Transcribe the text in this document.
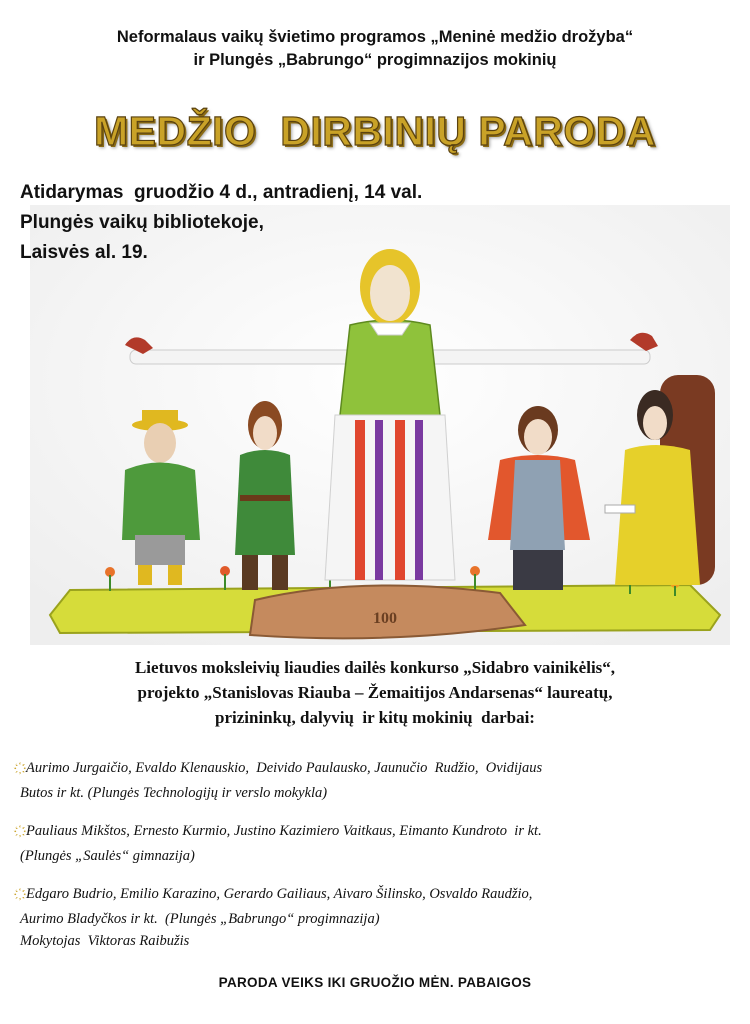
Neformalaus vaikų švietimo programos „Meninė medžio drožyba“
ir Plungės „Babrungo“ progimnazijos mokinių
MEDŽIO  DIRBINIŲ PARODA
100
Atidarymas  gruodžio 4 d., antradienį, 14 val.
Plungės vaikų bibliotekoje,
Laisvės al. 19.
Lietuvos moksleivių liaudies dailės konkurso „Sidabro vainikėlis“,
projekto „Stanislovas Riauba – Žemaitijos Andarsenas“ laureatų,
prizininkų, dalyvių  ir kitų mokinių  darbai:
Aurimo Jurgaičio, Evaldo Klenauskio,  Deivido Paulausko, Jaunučio  Rudžio,  Ovidijaus
Butos ir kt. (Plungės Technologijų ir verslo mokykla)
Pauliaus Mikštos, Ernesto Kurmio, Justino Kazimiero Vaitkaus, Eimanto Kundroto  ir kt.
(Plungės „Saulės“ gimnazija)
Edgaro Budrio, Emilio Karazino, Gerardo Gailiaus, Aivaro Šilinsko, Osvaldo Raudžio,
Aurimo Bladyčkos ir kt.  (Plungės „Babrungo“ progimnazija)
Mokytojas  Viktoras Raibužis
PARODA VEIKS IKI GRUOŽIO MĖN. PABAIGOS
